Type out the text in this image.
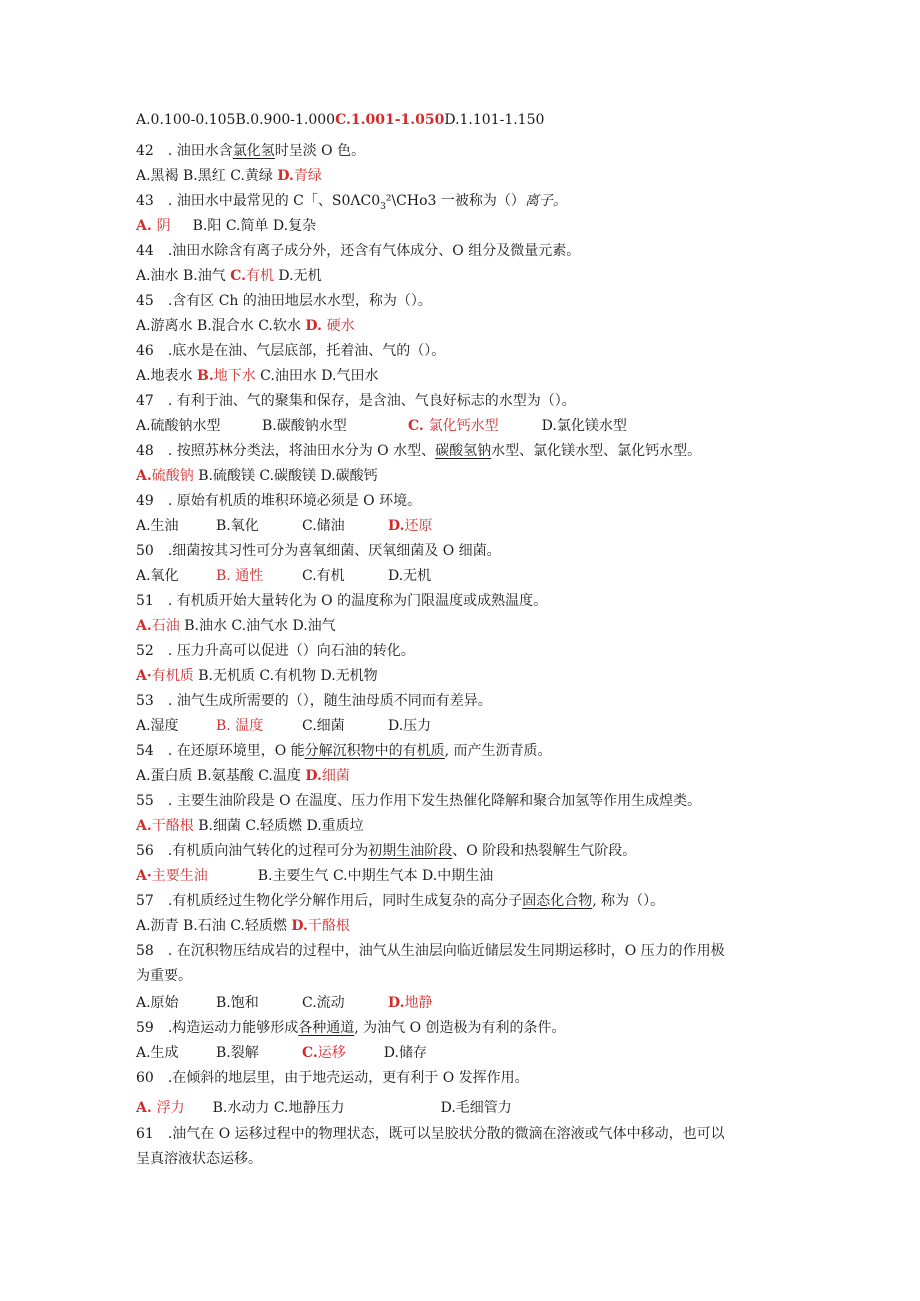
A.0.100-0.105B.0.900-1.000C.1.001-1.050D.1.101-1.150
42　. 油田水含氯化氢时呈淡 O 色。
A.黑褐 B.黑红 C.黄绿 D.青绿
43　. 油田水中最常见的 C「、$S0\Lambda C0_3^2\backslash CHo3$ 一被称为（）离子。
A. 阴 B.阳 C.简单 D.复杂
44　.油田水除含有离子成分外，还含有气体成分、O 组分及微量元素。
A.油水 B.油气 C.有机 D.无机
45　.含有区 Ch 的油田地层水水型，称为（）。
A.游离水 B.混合水 C.软水 D. 硬水
46　.底水是在油、气层底部，托着油、气的（）。
A.地表水 B.地下水 C.油田水 D.气田水
47　. 有利于油、气的聚集和保存，是含油、气良好标志的水型为（）。
A.硫酸钠水型	B.碳酸钠水型	C. 氯化钙水型	D.氯化镁水型
48　. 按照苏林分类法，将油田水分为 O 水型、碳酸氢钠水型、氯化镁水型、氯化钙水型。
A.硫酸钠 B.硫酸镁 C.碳酸镁 D.碳酸钙
49　. 原始有机质的堆积环境必须是 O 环境。
A.生油	B.氧化	C.储油	D.还原
50　.细菌按其习性可分为喜氧细菌、厌氧细菌及 O 细菌。
A.氧化	B. 通性	C.有机	D.无机
51　. 有机质开始大量转化为 O 的温度称为门限温度或成熟温度。
A.石油 B.油水 C.油气水 D.油气
52　. 压力升高可以促进（）向石油的转化。
A·有机质 B.无机质 C.有机物 D.无机物
53　. 油气生成所需要的（），随生油母质不同而有差异。
A.湿度	B. 温度	C.细菌	D.压力
54　. 在还原环境里，O 能分解沉积物中的有机质, 而产生沥青质。
A.蛋白质 B.氨基酸 C.温度 D.细菌
55　. 主要生油阶段是 O 在温度、压力作用下发生热催化降解和聚合加氢等作用生成煌类。
A.干酪根 B.细菌 C.轻质燃 D.重质垃
56　.有机质向油气转化的过程可分为初期生油阶段、O 阶段和热裂解生气阶段。
A·主要生油	B.主要生气 C.中期生气本 D.中期生油
57　.有机质经过生物化学分解作用后，同时生成复杂的高分子固态化合物, 称为（）。
A.沥青 B.石油 C.轻质燃 D.干酪根
58　. 在沉积物压结成岩的过程中，油气从生油层向临近储层发生同期运移时，O 压力的作用极
为重要。
A.原始	B.饱和	C.流动	D.地静
59　.构造运动力能够形成各种通道, 为油气 O 创造极为有利的条件。
A.生成	B.裂解	C.运移	D.储存
60　.在倾斜的地层里，由于地壳运动，更有利于 O 发挥作用。
A. 浮力 B.水动力 C.地静压力	D.毛细管力
61　.油气在 O 运移过程中的物理状态，既可以呈胶状分散的微滴在溶液或气体中移动，也可以
呈真溶液状态运移。
